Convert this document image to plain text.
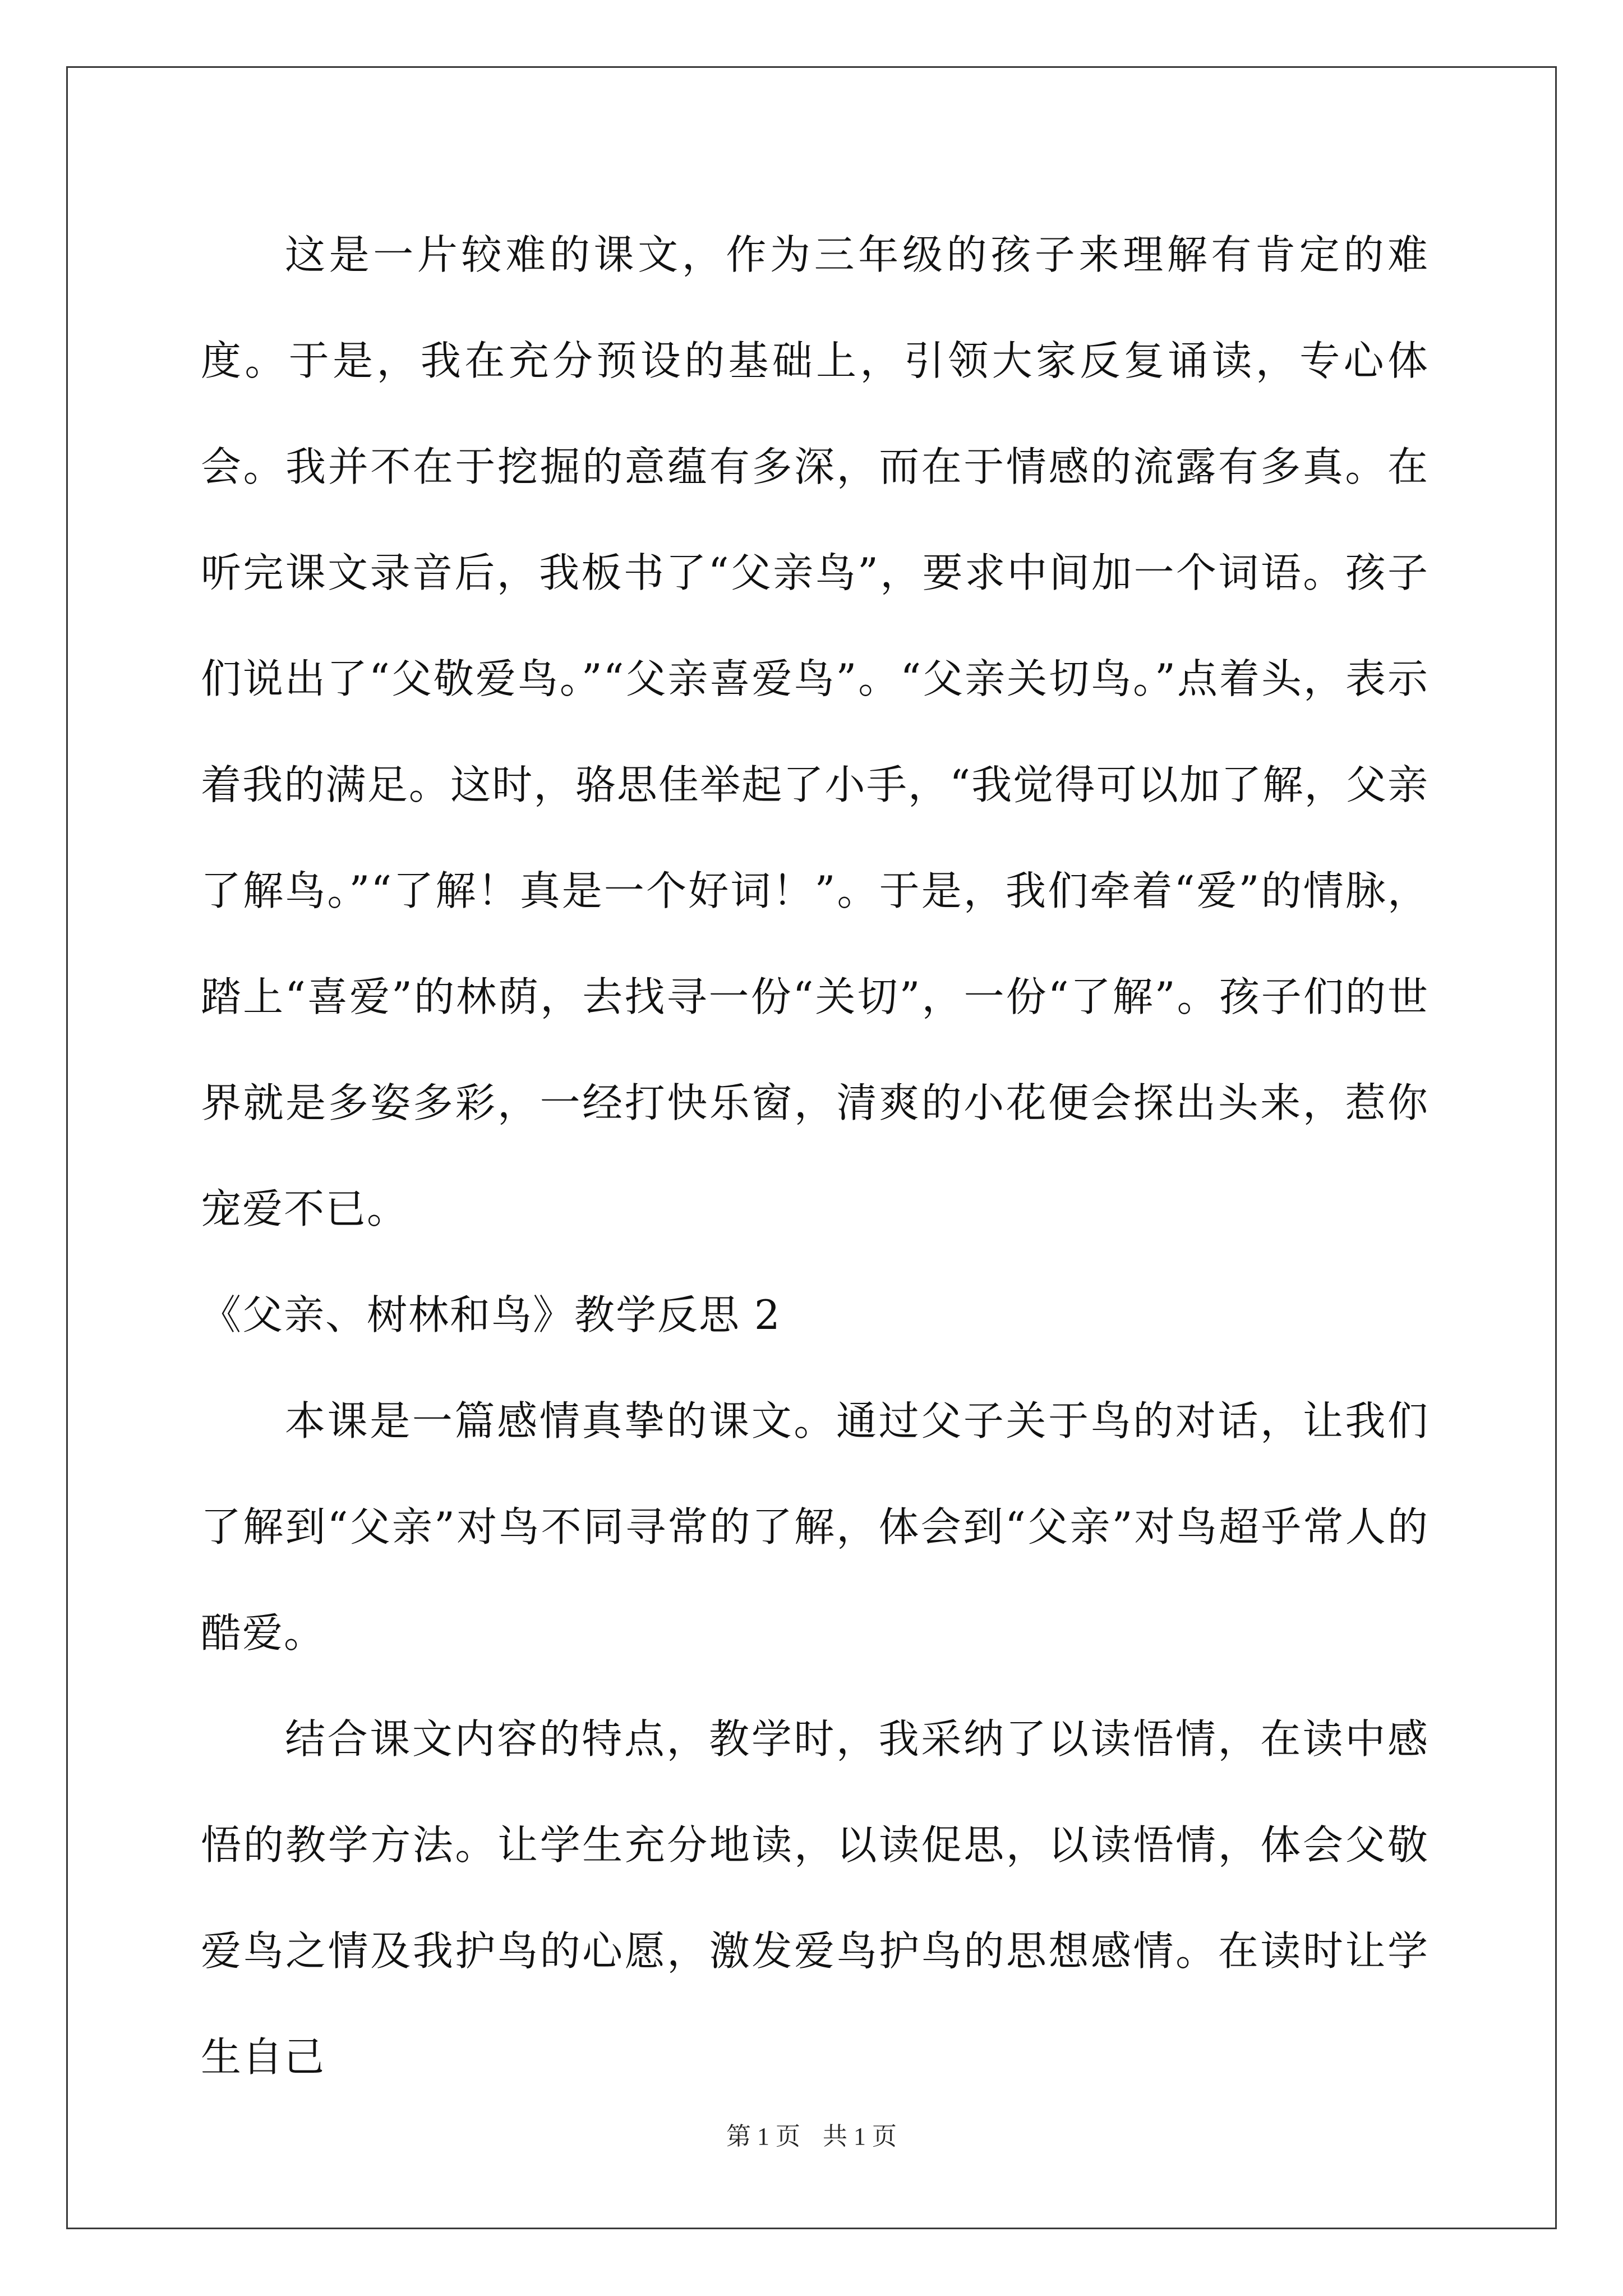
这是一片较难的课文，作为三年级的孩子来理解有肯定的难度。于是，我在充分预设的基础上，引领大家反复诵读，专心体会。我并不在于挖掘的意蕴有多深，而在于情感的流露有多真。在听完课文录音后，我板书了“父亲鸟”，要求中间加一个词语。孩子们说出了“父敬爱鸟。”“父亲喜爱鸟”。“父亲关切鸟。”点着头，表示着我的满足。这时，骆思佳举起了小手，“我觉得可以加了解，父亲了解鸟。”“了解！真是一个好词！”。于是，我们牵着“爱”的情脉，踏上“喜爱”的林荫，去找寻一份“关切”，一份“了解”。孩子们的世界就是多姿多彩，一经打快乐窗，清爽的小花便会探出头来，惹你宠爱不已。

《父亲、树林和鸟》教学反思 2

本课是一篇感情真挚的课文。通过父子关于鸟的对话，让我们了解到“父亲”对鸟不同寻常的了解，体会到“父亲”对鸟超乎常人的酷爱。

结合课文内容的特点，教学时，我采纳了以读悟情，在读中感悟的教学方法。让学生充分地读，以读促思，以读悟情，体会父敬爱鸟之情及我护鸟的心愿，激发爱鸟护鸟的思想感情。在读时让学生自己

第 1 页 共 1 页
